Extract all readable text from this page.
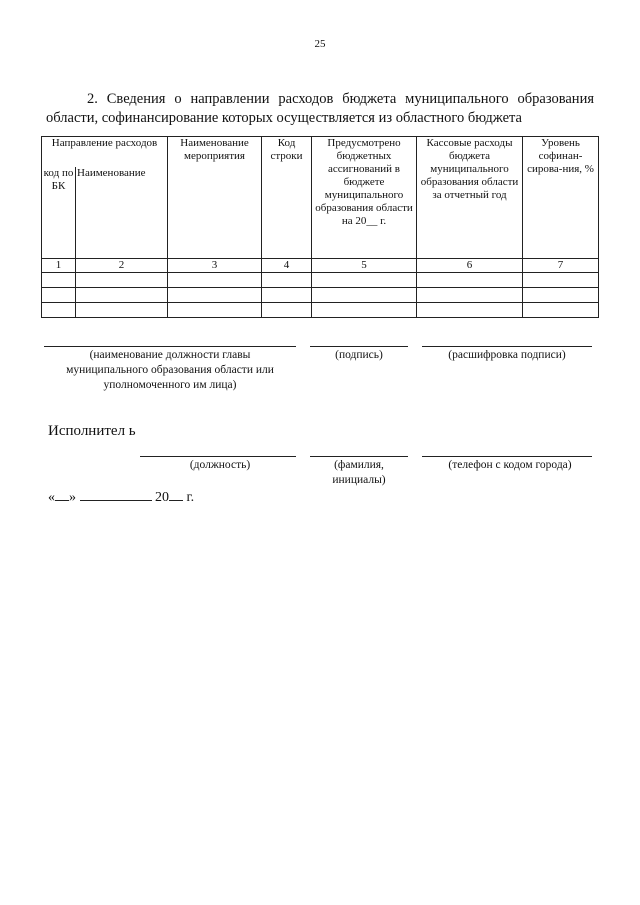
25
2. Сведения о направлении расходов бюджета муниципального образования области, софинансирование которых осуществляется из областного бюджета
Направление расходов		Наименование мероприятия	Код строки	Предусмотрено бюджетных ассигнований в бюджете муниципального образования области на 20__ г.	Кассовые расходы бюджета муниципального образования области за отчетный год	Уровень софинан-сирова-ния, %
код по БК	Наименование					
1	2	3	4	5	6	7

(наименование должности главы муниципального образования области или уполномоченного им лица)
(подпись)	(расшифровка подписи)
Исполнител ь
(должность)	(фамилия, инициалы)
(телефон с кодом города)
« »	20 г.
